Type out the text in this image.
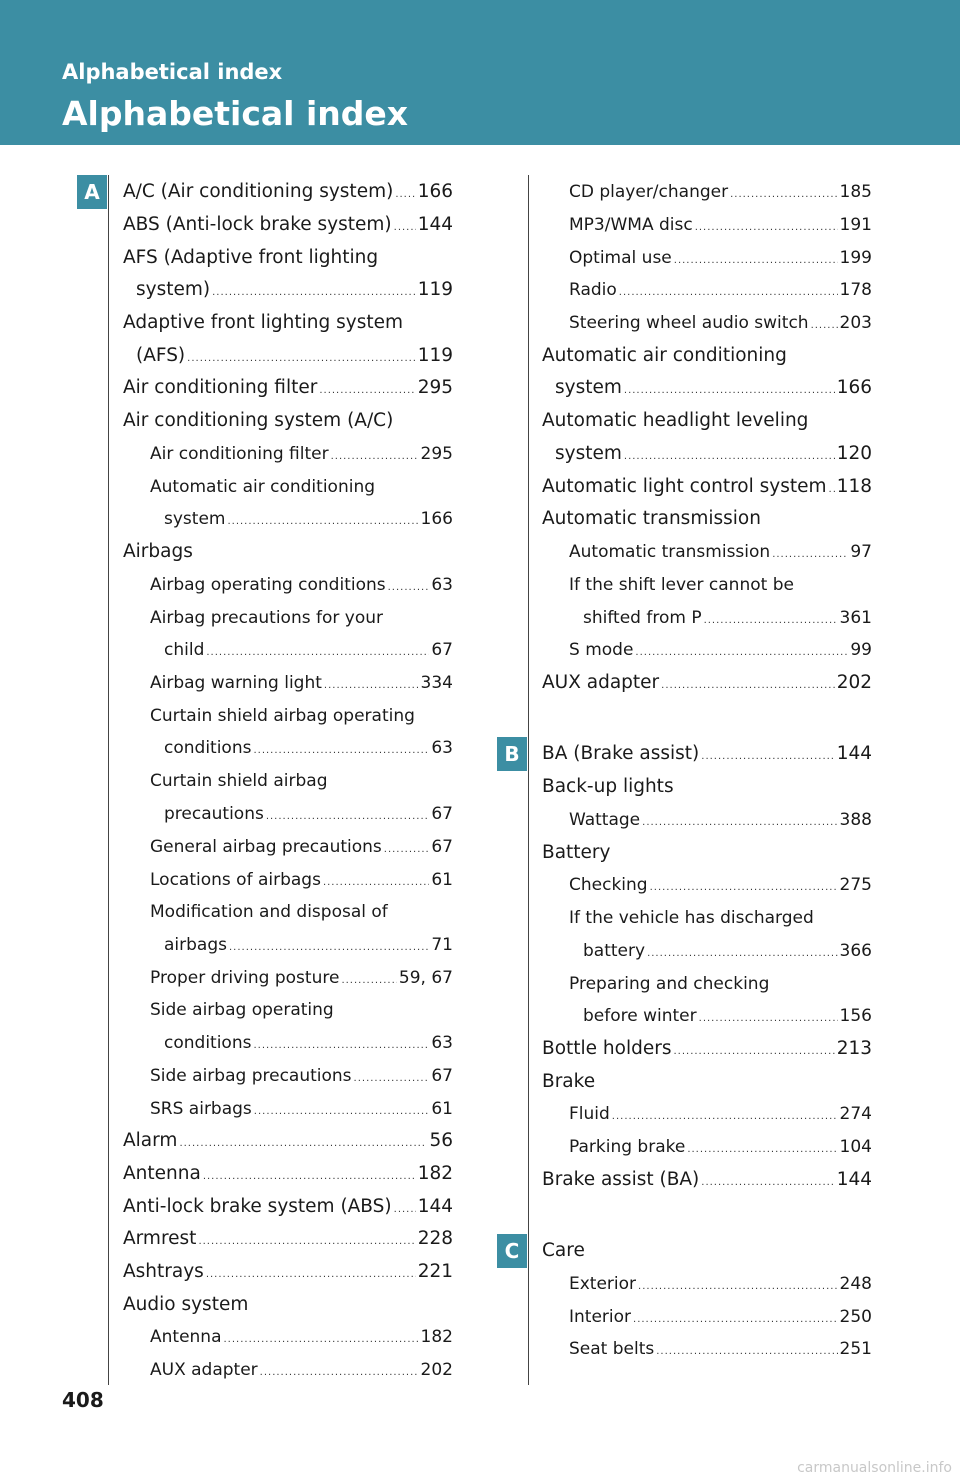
Alphabetical index
Alphabetical index
A
B
C
A/C (Air conditioning system) ..... 166
ABS (Anti-lock brake system) ..... 144
AFS (Adaptive front lighting
system) .....	119
Adaptive front lighting system
(AFS) .....	119
Air conditioning filter .....	295
Air conditioning system (A/C)
Air conditioning filter .....	295
Automatic air conditioning
system .....	166
Airbags
Airbag operating conditions .....	63
Airbag precautions for your
child .....	67
Airbag warning light .....	334
Curtain shield airbag operating
conditions .....	63
Curtain shield airbag
precautions .....	67
General airbag precautions .....	67
Locations of airbags .....	61
Modification and disposal of
airbags .....	71
Proper driving posture .....	59, 67
Side airbag operating
conditions .....	63
Side airbag precautions .....	67
SRS airbags .....	61
Alarm .....	56
Antenna .....	182
Anti-lock brake system (ABS) ..... 144
Armrest .....	228
Ashtrays .....	221
Audio system
Antenna .....	182
AUX adapter .....	202
CD player/changer .....	185
MP3/WMA disc .....	191
Optimal use .....	199
Radio .....	178
Steering wheel audio switch ..... 203
Automatic air conditioning
system .....	166
Automatic headlight leveling
system .....	120
Automatic light control system ..... 118
Automatic transmission
Automatic transmission .....	97
If the shift lever cannot be
shifted from P .....	361
S mode .....	99
AUX adapter .....	202
BA (Brake assist) .....	144
Back-up lights
Wattage .....	388
Battery
Checking .....	275
If the vehicle has discharged
battery .....	366
Preparing and checking
before winter .....	156
Bottle holders .....	213
Brake
Fluid .....	274
Parking brake .....	104
Brake assist (BA) .....	144
Care
Exterior .....	248
Interior .....	250
Seat belts .....	251
408
carmanualsonline.info
